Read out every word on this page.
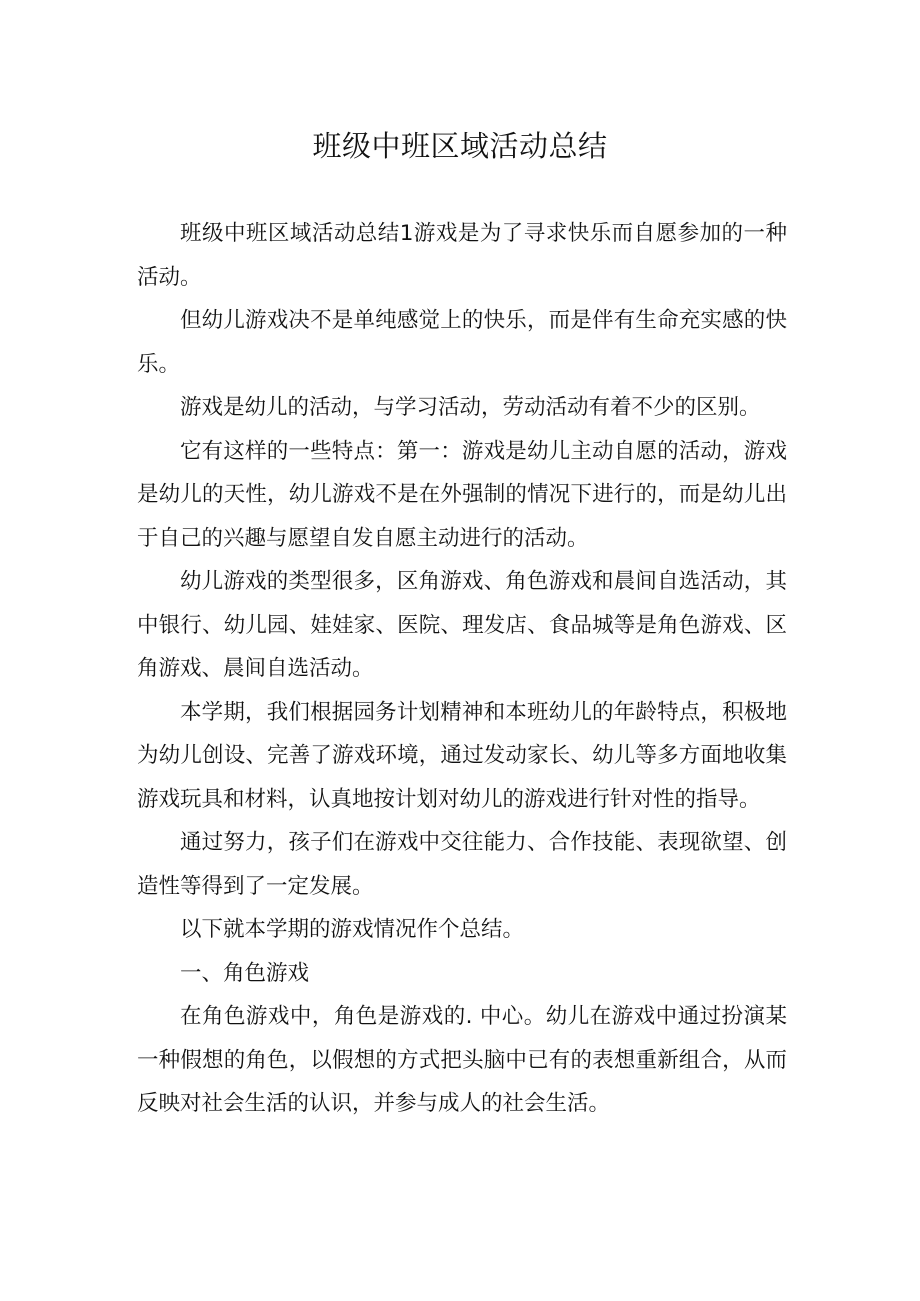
班级中班区域活动总结

班级中班区域活动总结1游戏是为了寻求快乐而自愿参加的一种活动。

但幼儿游戏决不是单纯感觉上的快乐，而是伴有生命充实感的快乐。

游戏是幼儿的活动，与学习活动，劳动活动有着不少的区别。

它有这样的一些特点：第一：游戏是幼儿主动自愿的活动，游戏是幼儿的天性，幼儿游戏不是在外强制的情况下进行的，而是幼儿出于自己的兴趣与愿望自发自愿主动进行的活动。

幼儿游戏的类型很多，区角游戏、角色游戏和晨间自选活动，其中银行、幼儿园、娃娃家、医院、理发店、食品城等是角色游戏、区角游戏、晨间自选活动。

本学期，我们根据园务计划精神和本班幼儿的年龄特点，积极地为幼儿创设、完善了游戏环境，通过发动家长、幼儿等多方面地收集游戏玩具和材料，认真地按计划对幼儿的游戏进行针对性的指导。

通过努力，孩子们在游戏中交往能力、合作技能、表现欲望、创造性等得到了一定发展。

以下就本学期的游戏情况作个总结。

一、角色游戏

在角色游戏中，角色是游戏的. 中心。幼儿在游戏中通过扮演某一种假想的角色，以假想的方式把头脑中已有的表想重新组合，从而反映对社会生活的认识，并参与成人的社会生活。
